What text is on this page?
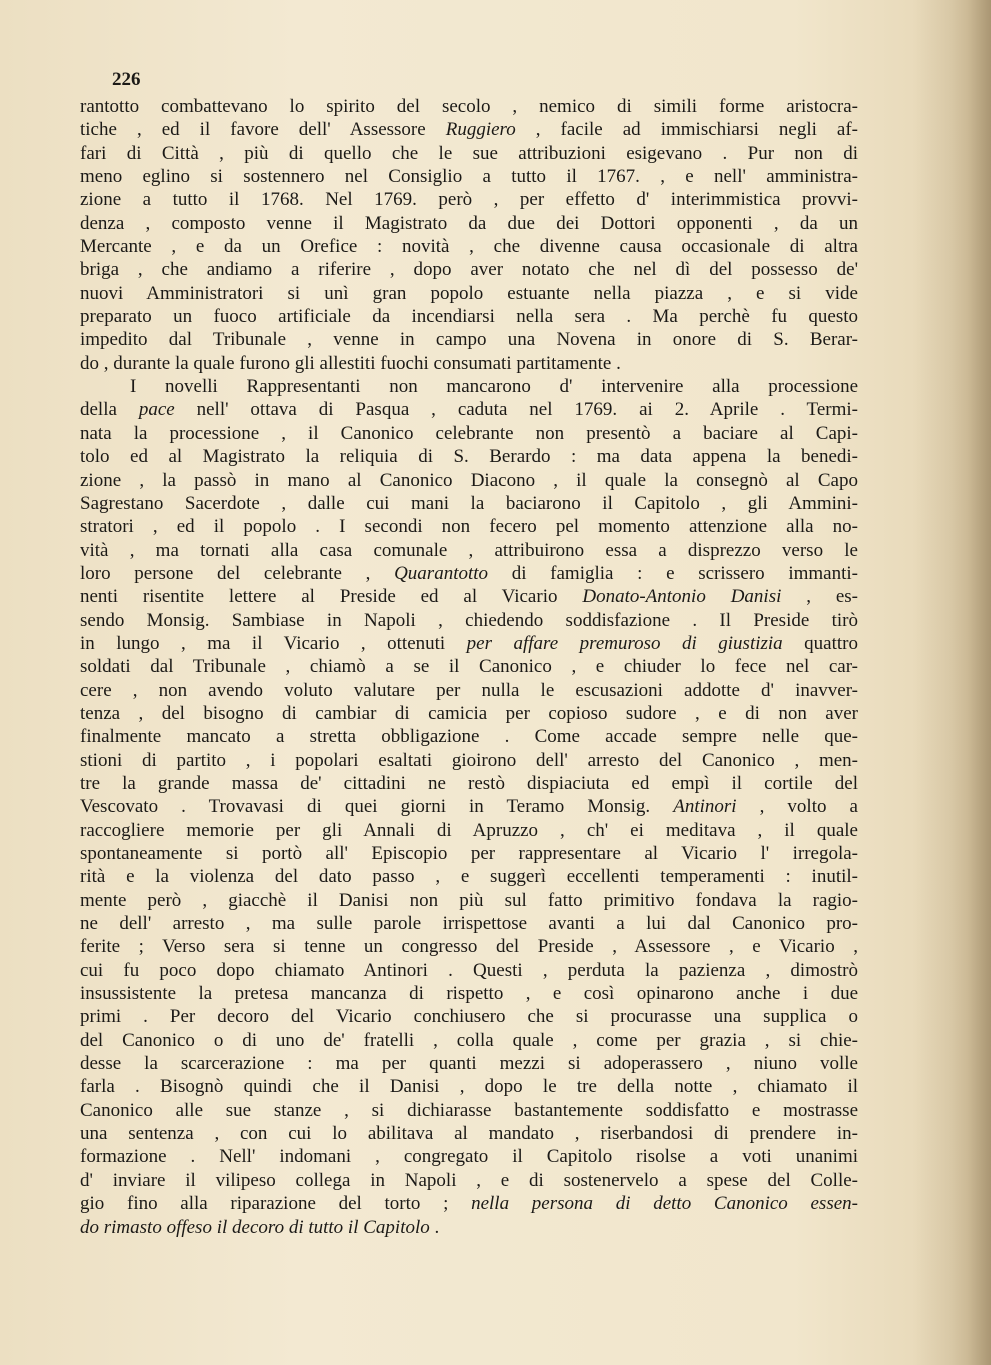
226
rantotto combattevano lo spirito del secolo , nemico di simili forme aristocra-
tiche , ed il favore dell' Assessore Ruggiero , facile ad immischiarsi negli af-
fari di Città , più di quello che le sue attribuzioni esigevano . Pur non di
meno eglino si sostennero nel Consiglio a tutto il 1767. , e nell' amministra-
zione a tutto il 1768. Nel 1769. però , per effetto d' interimmistica provvi-
denza , composto venne il Magistrato da due dei Dottori opponenti , da un
Mercante , e da un Orefice : novità , che divenne causa occasionale di altra
briga , che andiamo a riferire , dopo aver notato che nel dì del possesso de'
nuovi Amministratori si unì gran popolo estuante nella piazza , e si vide
preparato un fuoco artificiale da incendiarsi nella sera . Ma perchè fu questo
impedito dal Tribunale , venne in campo una Novena in onore di S. Berar-
do , durante la quale furono gli allestiti fuochi consumati partitamente .
I novelli Rappresentanti non mancarono d' intervenire alla processione
della pace nell' ottava di Pasqua , caduta nel 1769. ai 2. Aprile . Termi-
nata la processione , il Canonico celebrante non presentò a baciare al Capi-
tolo ed al Magistrato la reliquia di S. Berardo : ma data appena la benedi-
zione , la passò in mano al Canonico Diacono , il quale la consegnò al Capo
Sagrestano Sacerdote , dalle cui mani la baciarono il Capitolo , gli Ammini-
stratori , ed il popolo . I secondi non fecero pel momento attenzione alla no-
vità , ma tornati alla casa comunale , attribuirono essa a disprezzo verso le
loro persone del celebrante , Quarantotto di famiglia : e scrissero immanti-
nenti risentite lettere al Preside ed al Vicario Donato-Antonio Danisi , es-
sendo Monsig. Sambiase in Napoli , chiedendo soddisfazione . Il Preside tirò
in lungo , ma il Vicario , ottenuti per affare premuroso di giustizia quattro
soldati dal Tribunale , chiamò a se il Canonico , e chiuder lo fece nel car-
cere , non avendo voluto valutare per nulla le escusazioni addotte d' inavver-
tenza , del bisogno di cambiar di camicia per copioso sudore , e di non aver
finalmente mancato a stretta obbligazione . Come accade sempre nelle que-
stioni di partito , i popolari esaltati gioirono dell' arresto del Canonico , men-
tre la grande massa de' cittadini ne restò dispiaciuta ed empì il cortile del
Vescovato . Trovavasi di quei giorni in Teramo Monsig. Antinori , volto a
raccogliere memorie per gli Annali di Apruzzo , ch' ei meditava , il quale
spontaneamente si portò all' Episcopio per rappresentare al Vicario l' irregola-
rità e la violenza del dato passo , e suggerì eccellenti temperamenti : inutil-
mente però , giacchè il Danisi non più sul fatto primitivo fondava la ragio-
ne dell' arresto , ma sulle parole irrispettose avanti a lui dal Canonico pro-
ferite ; Verso sera si tenne un congresso del Preside , Assessore , e Vicario ,
cui fu poco dopo chiamato Antinori . Questi , perduta la pazienza , dimostrò
insussistente la pretesa mancanza di rispetto , e così opinarono anche i due
primi . Per decoro del Vicario conchiusero che si procurasse una supplica o
del Canonico o di uno de' fratelli , colla quale , come per grazia , si chie-
desse la scarcerazione : ma per quanti mezzi si adoperassero , niuno volle
farla . Bisognò quindi che il Danisi , dopo le tre della notte , chiamato il
Canonico alle sue stanze , si dichiarasse bastantemente soddisfatto e mostrasse
una sentenza , con cui lo abilitava al mandato , riserbandosi di prendere in-
formazione . Nell' indomani , congregato il Capitolo risolse a voti unanimi
d' inviare il vilipeso collega in Napoli , e di sostenervelo a spese del Colle-
gio fino alla riparazione del torto ; nella persona di detto Canonico essen-
do rimasto offeso il decoro di tutto il Capitolo .
